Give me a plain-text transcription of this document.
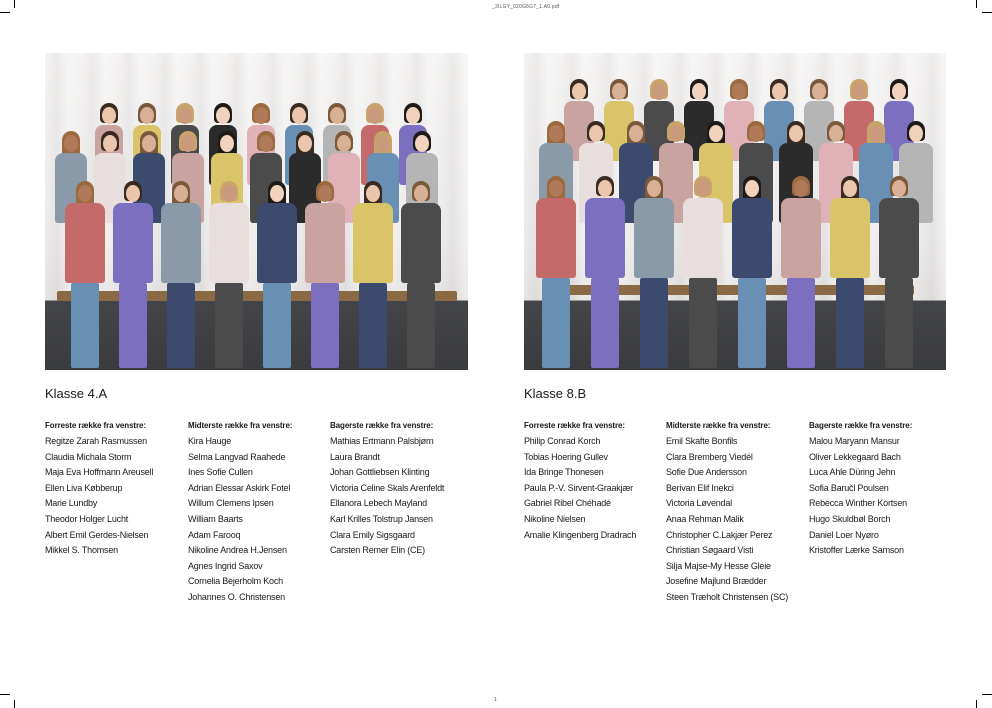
_3ILGY_020G5G7_1.A0.pdf
Klasse 4.A
Forreste række fra venstre:
Regitze Zarah Rasmussen
Claudia Michala Storm
Maja Eva Hoffmann Areusell
Ellen Liva Købberup
Marie Lundby
Theodor Holger Lucht
Albert Emil Gerdes-Nielsen
Mikkel S. Thomsen
Midterste række fra venstre:
Kira Hauge
Selma Langvad Raahede
Ines Sofie Cullen
Adrian Elessar Askirk Fotel
Willum Clemens Ipsen
William Baarts
Adam Farooq
Nikoline Andrea H.Jensen
Agnes Ingrid Saxov
Cornelia Bejerholm Koch
Johannes O. Christensen
Bagerste række fra venstre:
Mathias Ertmann Palsbjørn
Laura Brandt
Johan Gottliebsen Klinting
Victoria Celine Skals Arenfeldt
Ellanora Lebech Mayland
Karl Krilles Tolstrup Jansen
Clara Emily Sigsgaard
Carsten Remer Elin (CE)
Klasse 8.B
Forreste række fra venstre:
Philip Conrad Korch
Tobias Hoering Gullev
Ida Bringe Thonesen
Paula P.-V. Sirvent-Graakjær
Gabriel Ribel Chéhadé
Nikoline Nielsen
Amalie Klingenberg Dradrach
Midterste række fra venstre:
Emil Skafte Bonfils
Clara Bremberg Viedél
Sofie Due Andersson
Berivan Elif Inekci
Victoria Løvendal
Anaa Rehman Malik
Christopher C.Lakjær Perez
Christian Søgaard Visti
Silja Majse-My Hesse Gleie
Josefine Majlund Brædder
Steen Træholt Christensen (SC)
Bagerste række fra venstre:
Malou Maryann Mansur
Oliver Lekkegaard Bach
Luca Ahle Düring Jehn
Sofia Baručl Poulsen
Rebecca Winther Kortsen
Hugo Skuldbøl Borch
Daniel Loer Nyøro
Kristoffer Lærke Samson
1
